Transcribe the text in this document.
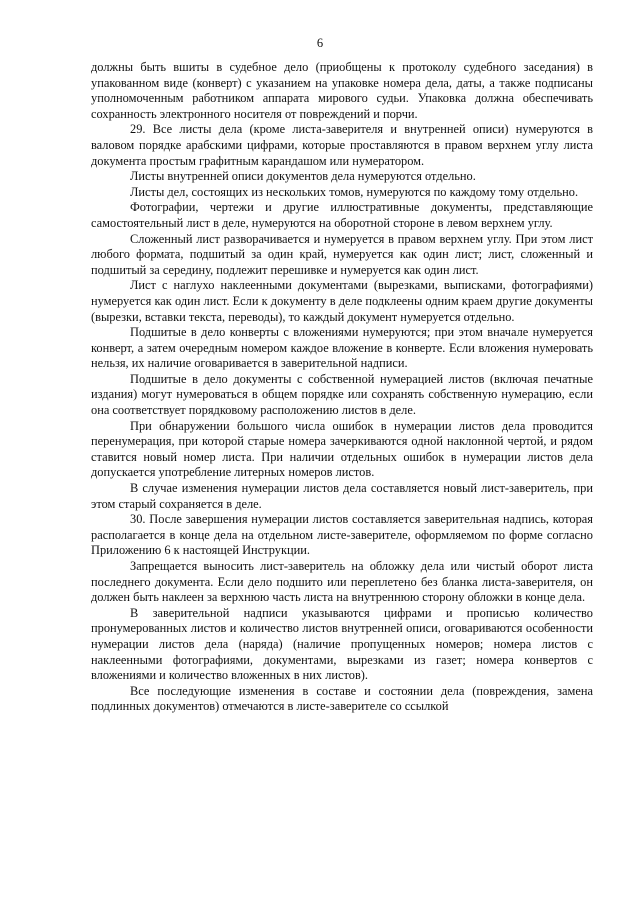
6

должны быть вшиты в судебное дело (приобщены к протоколу судебного заседания) в упакованном виде (конверт) с указанием на упаковке номера дела, даты, а также подписаны уполномоченным работником аппарата мирового судьи. Упаковка должна обеспечивать сохранность электронного носителя от повреждений и порчи.

29. Все листы дела (кроме листа-заверителя и внутренней описи) нумеруются в валовом порядке арабскими цифрами, которые проставляются в правом верхнем углу листа документа простым графитным карандашом или нумератором.

Листы внутренней описи документов дела нумеруются отдельно.

Листы дел, состоящих из нескольких томов, нумеруются по каждому тому отдельно.

Фотографии, чертежи и другие иллюстративные документы, представляющие самостоятельный лист в деле, нумеруются на оборотной стороне в левом верхнем углу.

Сложенный лист разворачивается и нумеруется в правом верхнем углу. При этом лист любого формата, подшитый за один край, нумеруется как один лист; лист, сложенный и подшитый за середину, подлежит перешивке и нумеруется как один лист.

Лист с наглухо наклеенными документами (вырезками, выписками, фотографиями) нумеруется как один лист. Если к документу в деле подклеены одним краем другие документы (вырезки, вставки текста, переводы), то каждый документ нумеруется отдельно.

Подшитые в дело конверты с вложениями нумеруются; при этом вначале нумеруется конверт, а затем очередным номером каждое вложение в конверте. Если вложения нумеровать нельзя, их наличие оговаривается в заверительной надписи.

Подшитые в дело документы с собственной нумерацией листов (включая печатные издания) могут нумероваться в общем порядке или сохранять собственную нумерацию, если она соответствует порядковому расположению листов в деле.

При обнаружении большого числа ошибок в нумерации листов дела проводится перенумерация, при которой старые номера зачеркиваются одной наклонной чертой, и рядом ставится новый номер листа. При наличии отдельных ошибок в нумерации листов дела допускается употребление литерных номеров листов.

В случае изменения нумерации листов дела составляется новый лист-заверитель, при этом старый сохраняется в деле.

30. После завершения нумерации листов составляется заверительная надпись, которая располагается в конце дела на отдельном листе-заверителе, оформляемом по форме согласно Приложению 6 к настоящей Инструкции.

Запрещается выносить лист-заверитель на обложку дела или чистый оборот листа последнего документа. Если дело подшито или переплетено без бланка листа-заверителя, он должен быть наклеен за верхнюю часть листа на внутреннюю сторону обложки в конце дела.

В заверительной надписи указываются цифрами и прописью количество пронумерованных листов и количество листов внутренней описи, оговариваются особенности нумерации листов дела (наряда) (наличие пропущенных номеров; номера листов с наклеенными фотографиями, документами, вырезками из газет; номера конвертов с вложениями и количество вложенных в них листов).

Все последующие изменения в составе и состоянии дела (повреждения, замена подлинных документов) отмечаются в листе-заверителе со ссылкой
